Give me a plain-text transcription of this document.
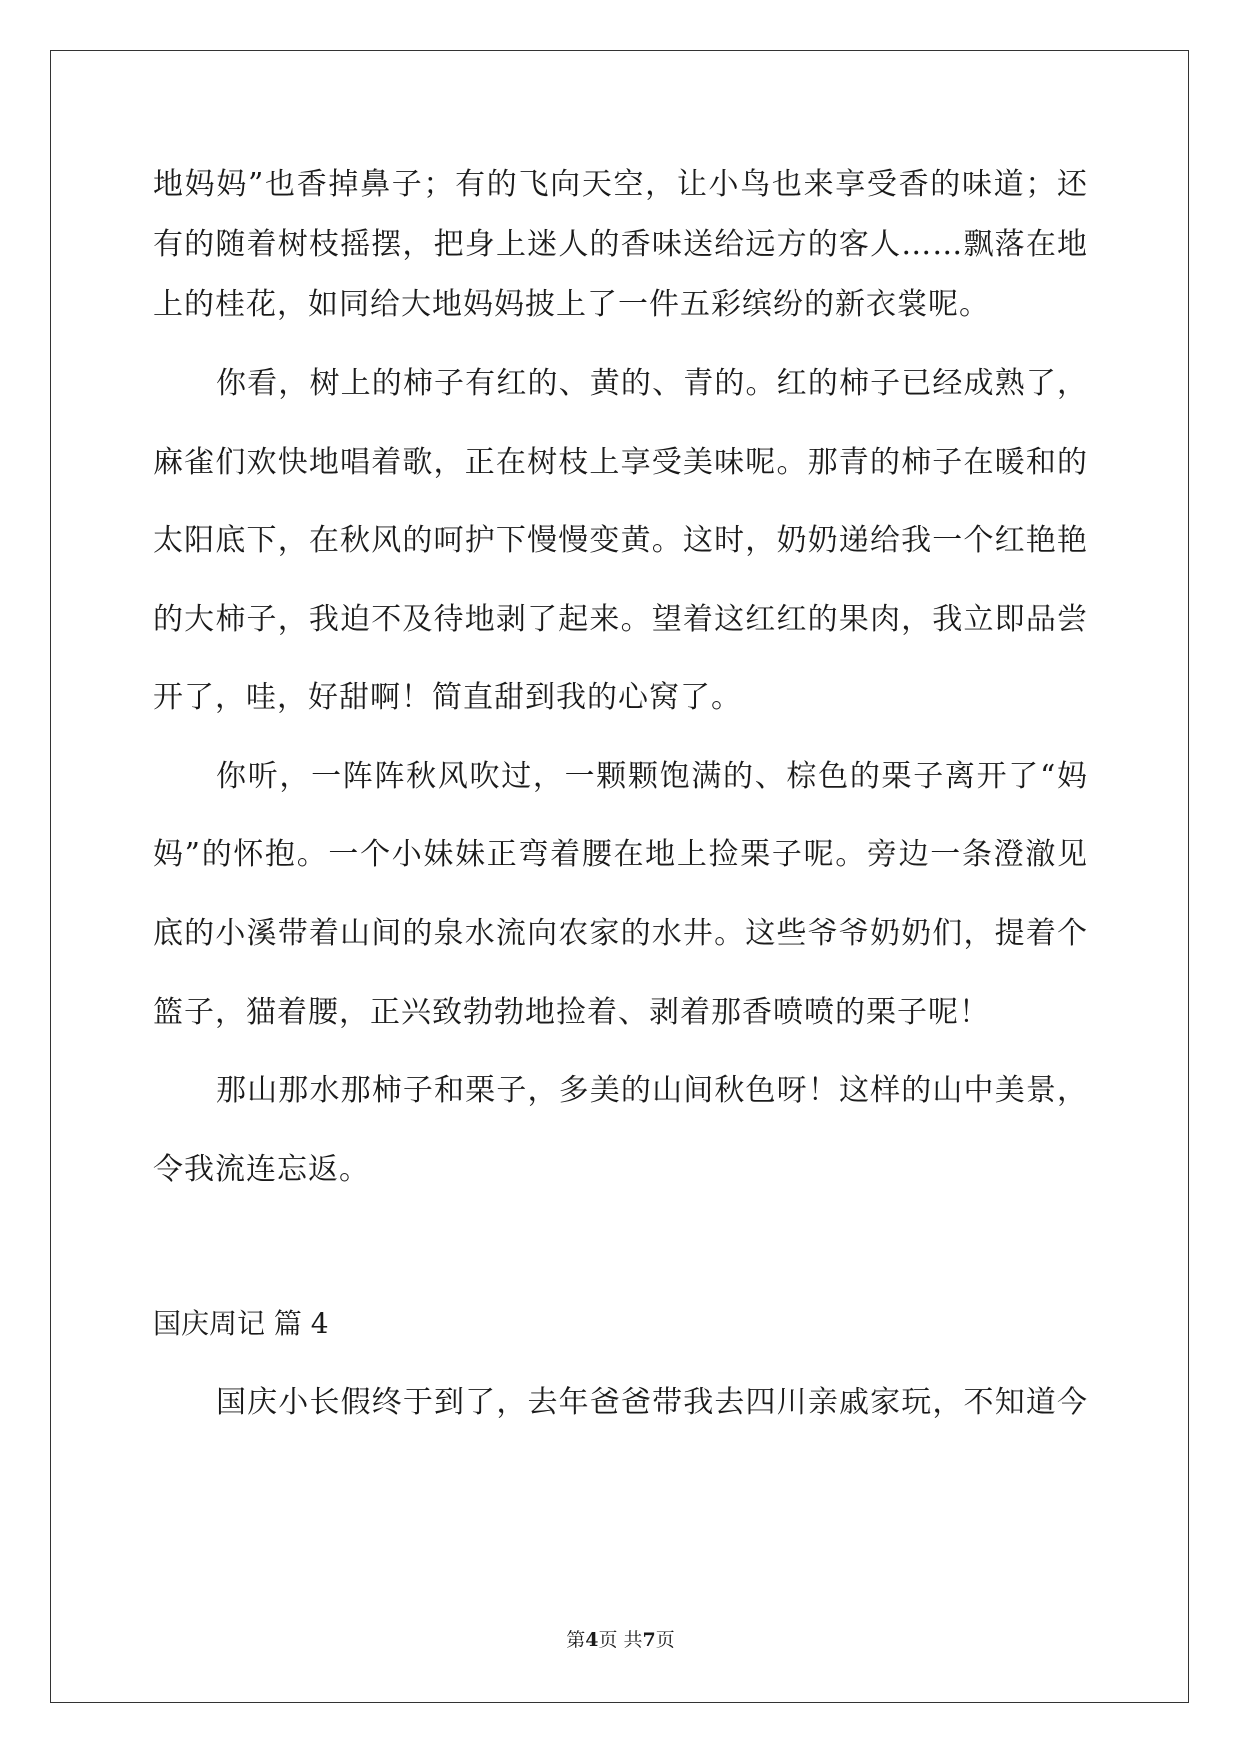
地妈妈”也香掉鼻子；有的飞向天空，让小鸟也来享受香的味道；还
有的随着树枝摇摆，把身上迷人的香味送给远方的客人……飘落在地
上的桂花，如同给大地妈妈披上了一件五彩缤纷的新衣裳呢。
你看，树上的柿子有红的、黄的、青的。红的柿子已经成熟了，
麻雀们欢快地唱着歌，正在树枝上享受美味呢。那青的柿子在暖和的
太阳底下，在秋风的呵护下慢慢变黄。这时，奶奶递给我一个红艳艳
的大柿子，我迫不及待地剥了起来。望着这红红的果肉，我立即品尝
开了，哇，好甜啊！简直甜到我的心窝了。
你听，一阵阵秋风吹过，一颗颗饱满的、棕色的栗子离开了“妈
妈”的怀抱。一个小妹妹正弯着腰在地上捡栗子呢。旁边一条澄澈见
底的小溪带着山间的泉水流向农家的水井。这些爷爷奶奶们，提着个
篮子，猫着腰，正兴致勃勃地捡着、剥着那香喷喷的栗子呢！
那山那水那柿子和栗子，多美的山间秋色呀！这样的山中美景，
令我流连忘返。
国庆周记 篇 4
国庆小长假终于到了，去年爸爸带我去四川亲戚家玩，不知道今
第4页 共7页
